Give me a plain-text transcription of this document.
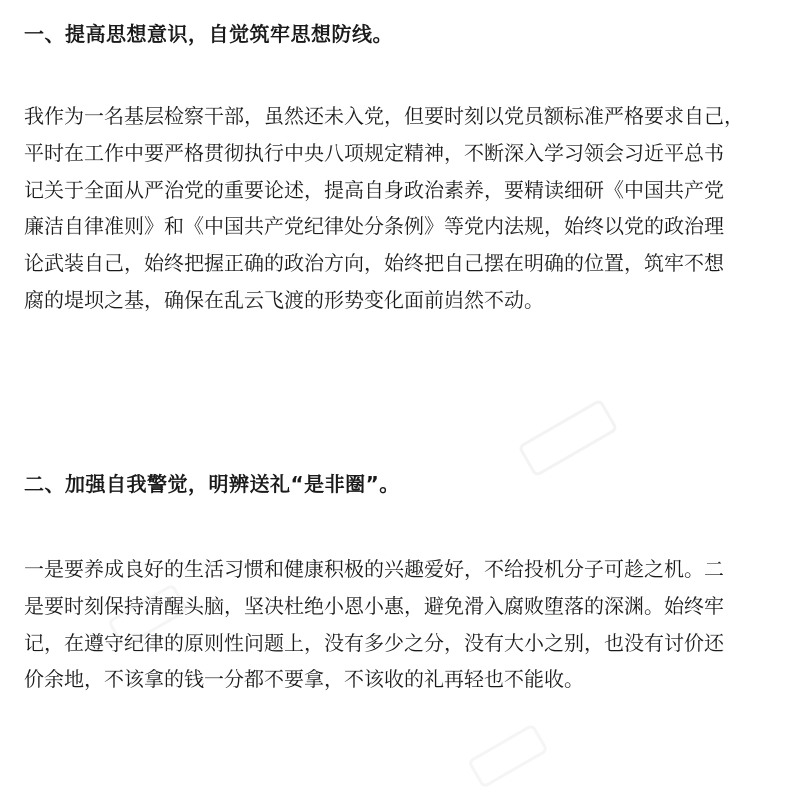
一、提高思想意识，自觉筑牢思想防线。
我作为一名基层检察干部，虽然还未入党，但要时刻以党员额标准严格要求自己，
平时在工作中要严格贯彻执行中央八项规定精神，不断深入学习领会习近平总书
记关于全面从严治党的重要论述，提高自身政治素养，要精读细研《中国共产党
廉洁自律准则》和《中国共产党纪律处分条例》等党内法规，始终以党的政治理
论武装自己，始终把握正确的政治方向，始终把自己摆在明确的位置，筑牢不想
腐的堤坝之基，确保在乱云飞渡的形势变化面前岿然不动。
二、加强自我警觉，明辨送礼“是非圈”。
一是要养成良好的生活习惯和健康积极的兴趣爱好，不给投机分子可趁之机。二
是要时刻保持清醒头脑，坚决杜绝小恩小惠，避免滑入腐败堕落的深渊。始终牢
记，在遵守纪律的原则性问题上，没有多少之分，没有大小之别，也没有讨价还
价余地，不该拿的钱一分都不要拿，不该收的礼再轻也不能收。
